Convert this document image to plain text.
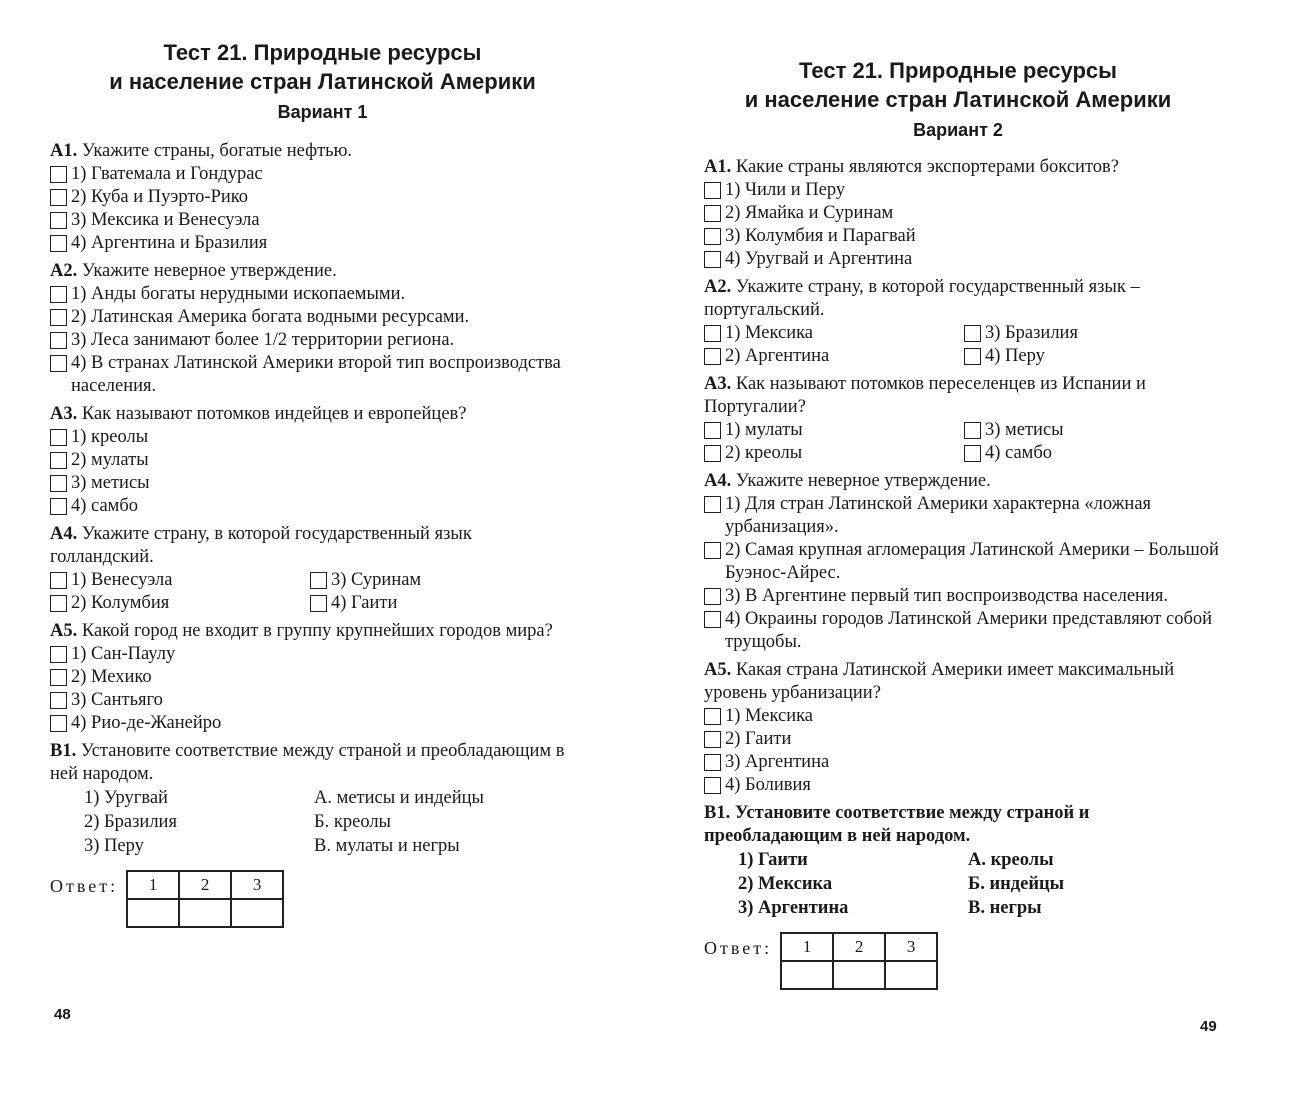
Тест 21. Природные ресурсы
и население стран Латинской Америки
Вариант 1
А1. Укажите страны, богатые нефтью.
1) Гватемала и Гондурас
2) Куба и Пуэрто-Рико
3) Мексика и Венесуэла
4) Аргентина и Бразилия
А2. Укажите неверное утверждение.
1) Анды богаты нерудными ископаемыми.
2) Латинская Америка богата водными ресурсами.
3) Леса занимают более 1/2 территории региона.
4) В странах Латинской Америки второй тип воспроизводства населения.
А3. Как называют потомков индейцев и европейцев?
1) креолы
2) мулаты
3) метисы
4) самбо
А4. Укажите страну, в которой государственный язык голландский.
1) Венесуэла	3) Суринам
2) Колумбия	4) Гаити
А5. Какой город не входит в группу крупнейших городов мира?
1) Сан-Паулу
2) Мехико
3) Сантьяго
4) Рио-де-Жанейро
В1. Установите соответствие между страной и преобладающим в ней народом.
1) Уругвай	А. метисы и индейцы
2) Бразилия	Б. креолы
3) Перу	В. мулаты и негры
Ответ: 1	2	3

48
Тест 21. Природные ресурсы
и население стран Латинской Америки
Вариант 2
А1. Какие страны являются экспортерами бокситов?
1) Чили и Перу
2) Ямайка и Суринам
3) Колумбия и Парагвай
4) Уругвай и Аргентина
А2. Укажите страну, в которой государственный язык – португальский.
1) Мексика	3) Бразилия
2) Аргентина	4) Перу
А3. Как называют потомков переселенцев из Испании и Португалии?
1) мулаты	3) метисы
2) креолы	4) самбо
А4. Укажите неверное утверждение.
1) Для стран Латинской Америки характерна «ложная урбанизация».
2) Самая крупная агломерация Латинской Америки – Большой Буэнос-Айрес.
3) В Аргентине первый тип воспроизводства населения.
4) Окраины городов Латинской Америки представляют собой трущобы.
А5. Какая страна Латинской Америки имеет максимальный уровень урбанизации?
1) Мексика
2) Гаити
3) Аргентина
4) Боливия
В1. Установите соответствие между страной и преобладающим в ней народом.
1) Гаити	А. креолы
2) Мексика	Б. индейцы
3) Аргентина	В. негры
Ответ: 1	2	3

49
